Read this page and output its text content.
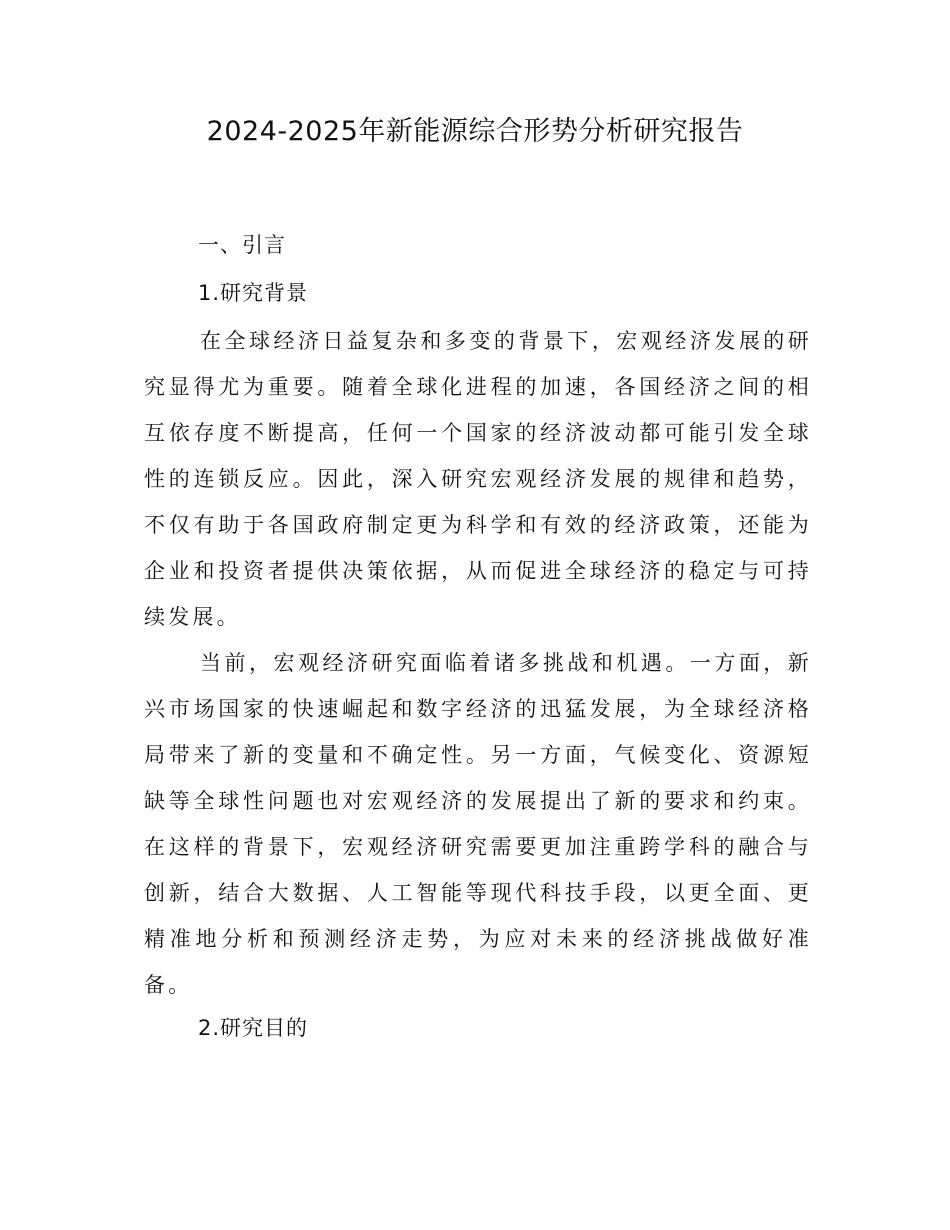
2024-2025年新能源综合形势分析研究报告
一、引言
1.研究背景

在全球经济日益复杂和多变的背景下，宏观经济发展的研究显得尤为重要。随着全球化进程的加速，各国经济之间的相互依存度不断提高，任何一个国家的经济波动都可能引发全球性的连锁反应。因此，深入研究宏观经济发展的规律和趋势，不仅有助于各国政府制定更为科学和有效的经济政策，还能为企业和投资者提供决策依据，从而促进全球经济的稳定与可持续发展。

当前，宏观经济研究面临着诸多挑战和机遇。一方面，新兴市场国家的快速崛起和数字经济的迅猛发展，为全球经济格局带来了新的变量和不确定性。另一方面，气候变化、资源短缺等全球性问题也对宏观经济的发展提出了新的要求和约束。在这样的背景下，宏观经济研究需要更加注重跨学科的融合与创新，结合大数据、人工智能等现代科技手段，以更全面、更精准地分析和预测经济走势，为应对未来的经济挑战做好准备。

2.研究目的
